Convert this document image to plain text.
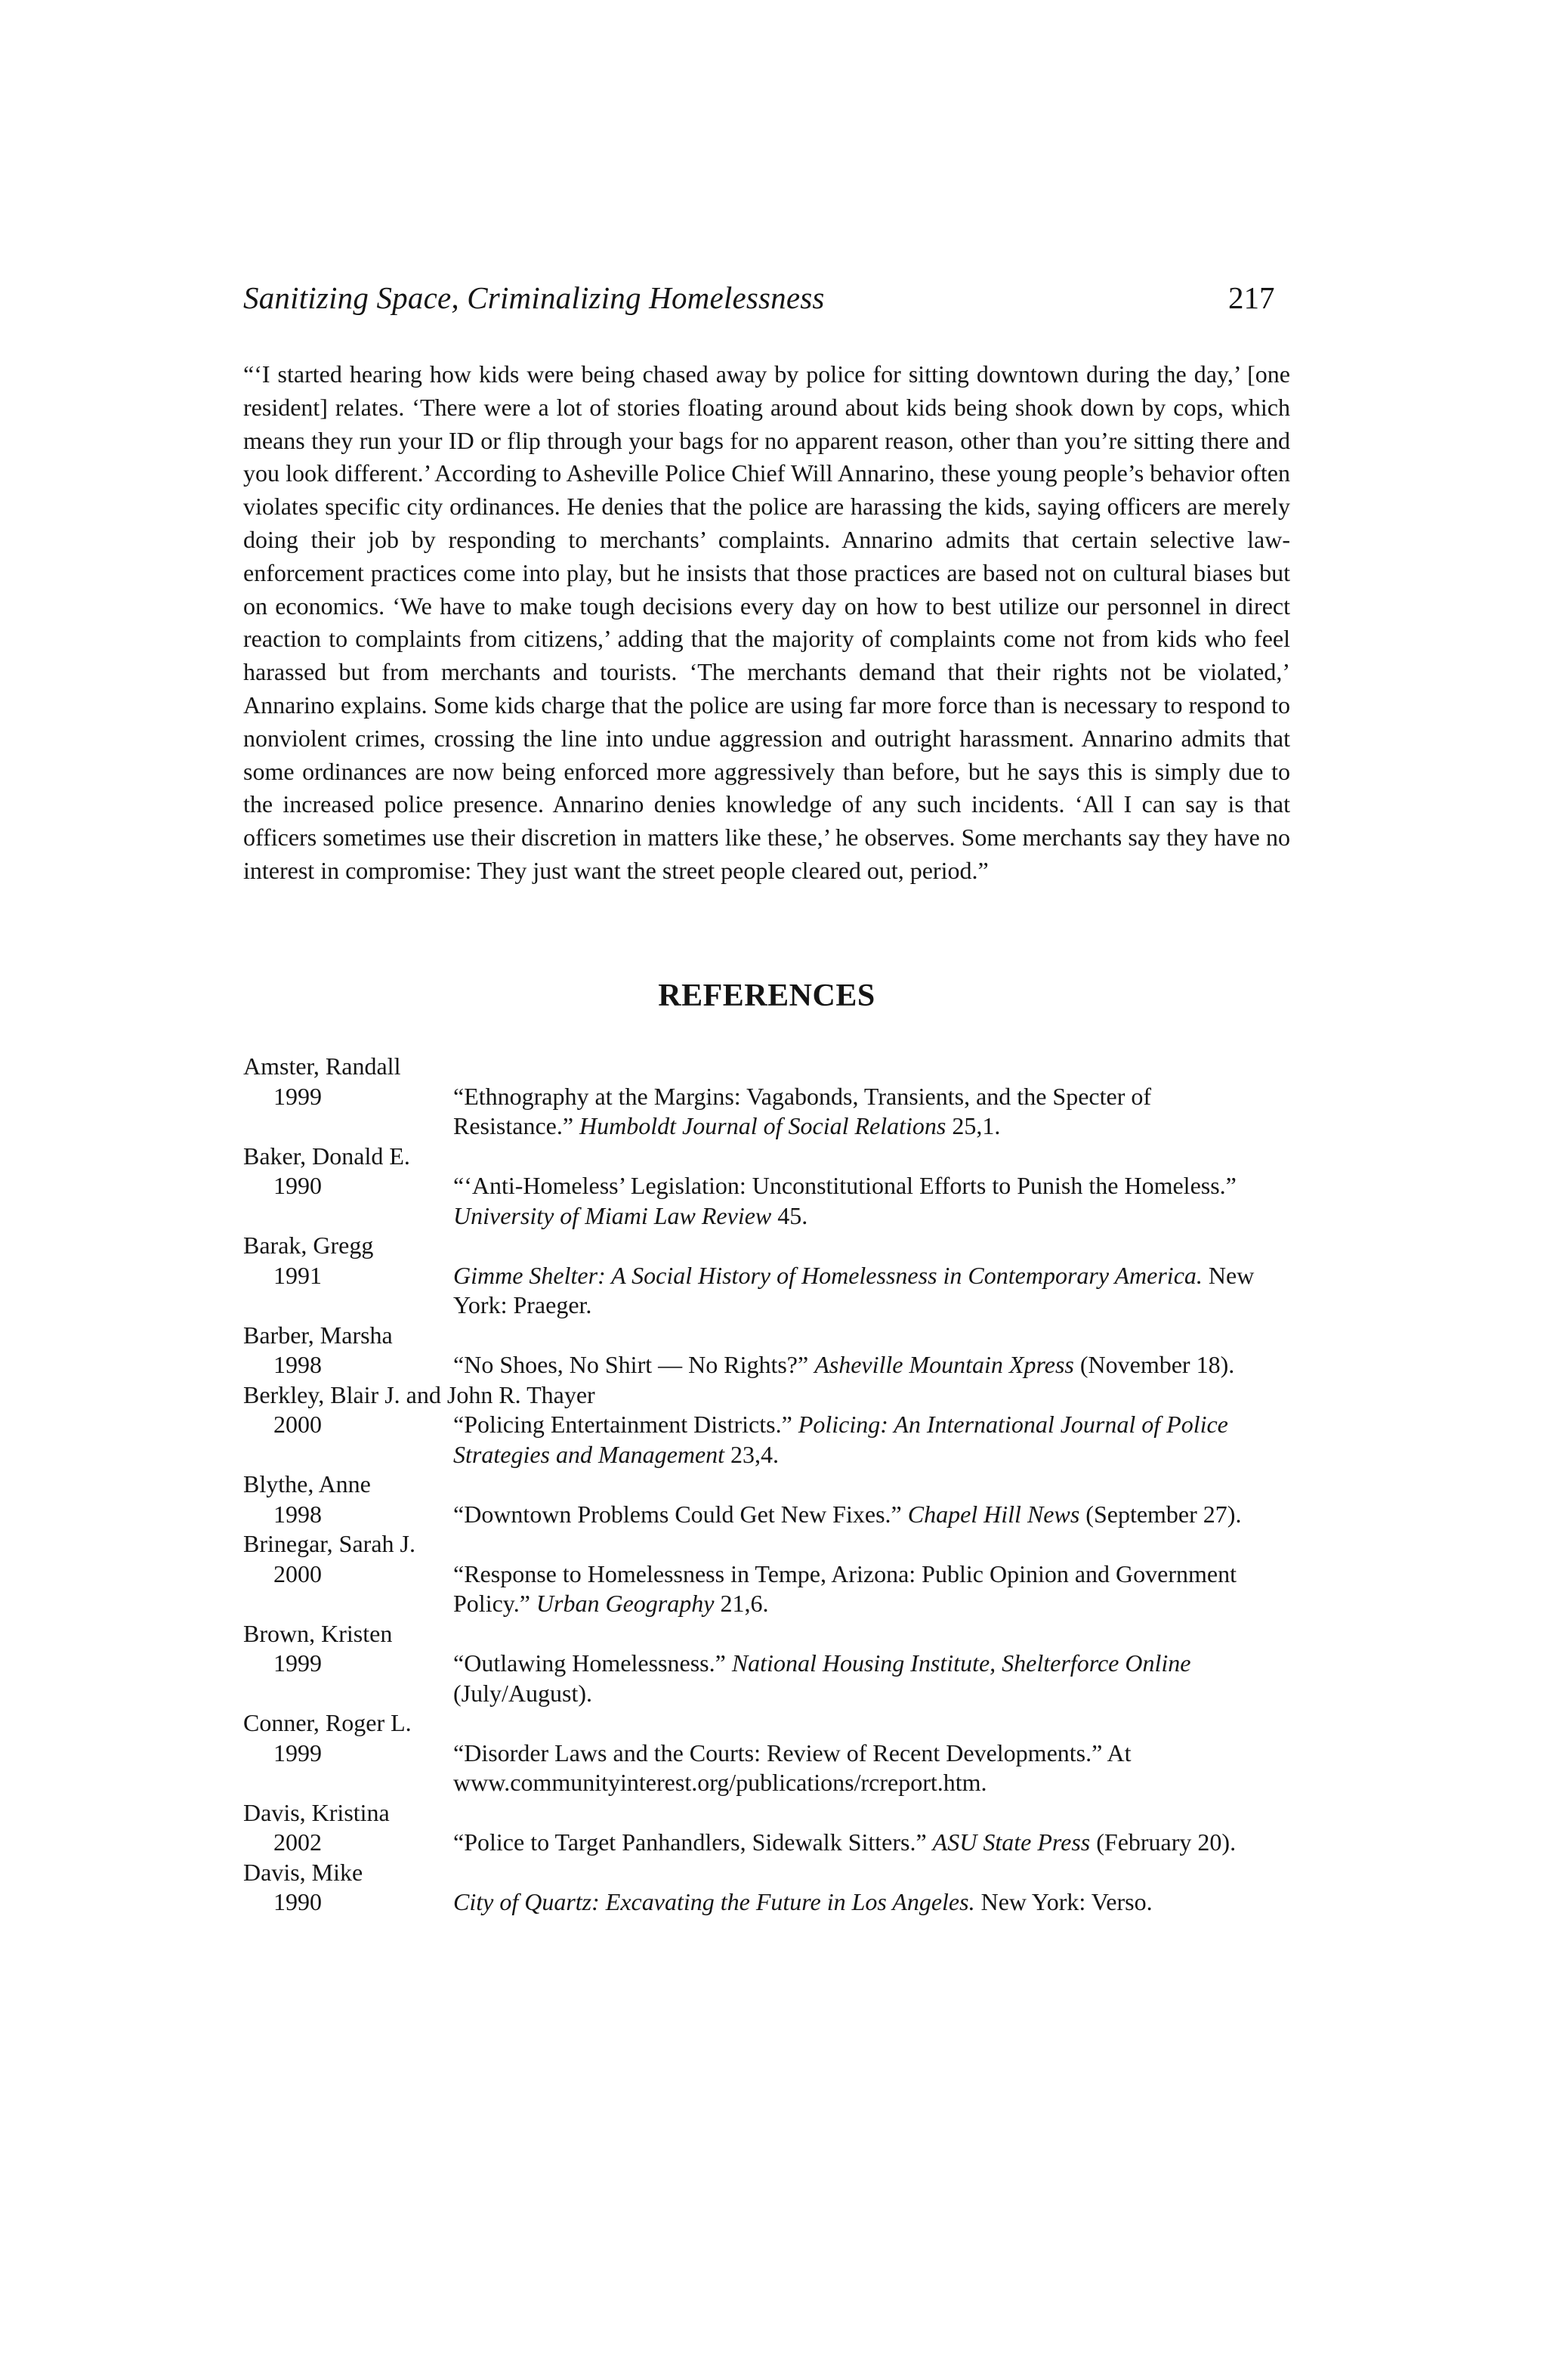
Sanitizing Space, Criminalizing Homelessness	217

“‘I started hearing how kids were being chased away by police for sitting downtown during the day,’ [one resident] relates. ‘There were a lot of stories floating around about kids being shook down by cops, which means they run your ID or flip through your bags for no apparent reason, other than you’re sitting there and you look different.’ According to Asheville Police Chief Will Annarino, these young people’s behavior often violates specific city ordinances. He denies that the police are harassing the kids, saying officers are merely doing their job by responding to merchants’ complaints. Annarino admits that certain selective law-enforcement practices come into play, but he insists that those practices are based not on cultural biases but on economics. ‘We have to make tough decisions every day on how to best utilize our personnel in direct reaction to complaints from citizens,’ adding that the majority of complaints come not from kids who feel harassed but from merchants and tourists. ‘The merchants demand that their rights not be violated,’ Annarino explains. Some kids charge that the police are using far more force than is necessary to respond to nonviolent crimes, crossing the line into undue aggression and outright harassment. Annarino admits that some ordinances are now being enforced more aggressively than before, but he says this is simply due to the increased police presence. Annarino denies knowledge of any such incidents. ‘All I can say is that officers sometimes use their discretion in matters like these,’ he observes. Some merchants say they have no interest in compromise: They just want the street people cleared out, period.”

REFERENCES
Amster, Randall
1999	“Ethnography at the Margins: Vagabonds, Transients, and the Specter of Resistance.” Humboldt Journal of Social Relations 25,1.
Baker, Donald E.
1990	“‘Anti-Homeless’ Legislation: Unconstitutional Efforts to Punish the Homeless.” University of Miami Law Review 45.
Barak, Gregg
1991	Gimme Shelter: A Social History of Homelessness in Contemporary America. New York: Praeger.
Barber, Marsha
1998	“No Shoes, No Shirt — No Rights?” Asheville Mountain Xpress (November 18).
Berkley, Blair J. and John R. Thayer
2000	“Policing Entertainment Districts.” Policing: An International Journal of Police Strategies and Management 23,4.
Blythe, Anne
1998	“Downtown Problems Could Get New Fixes.” Chapel Hill News (September 27).
Brinegar, Sarah J.
2000	“Response to Homelessness in Tempe, Arizona: Public Opinion and Government Policy.” Urban Geography 21,6.
Brown, Kristen
1999	“Outlawing Homelessness.” National Housing Institute, Shelterforce Online (July/August).
Conner, Roger L.
1999	“Disorder Laws and the Courts: Review of Recent Developments.” At www.communityinterest.org/publications/rcreport.htm.
Davis, Kristina
2002	“Police to Target Panhandlers, Sidewalk Sitters.” ASU State Press (February 20).
Davis, Mike
1990	City of Quartz: Excavating the Future in Los Angeles. New York: Verso.
